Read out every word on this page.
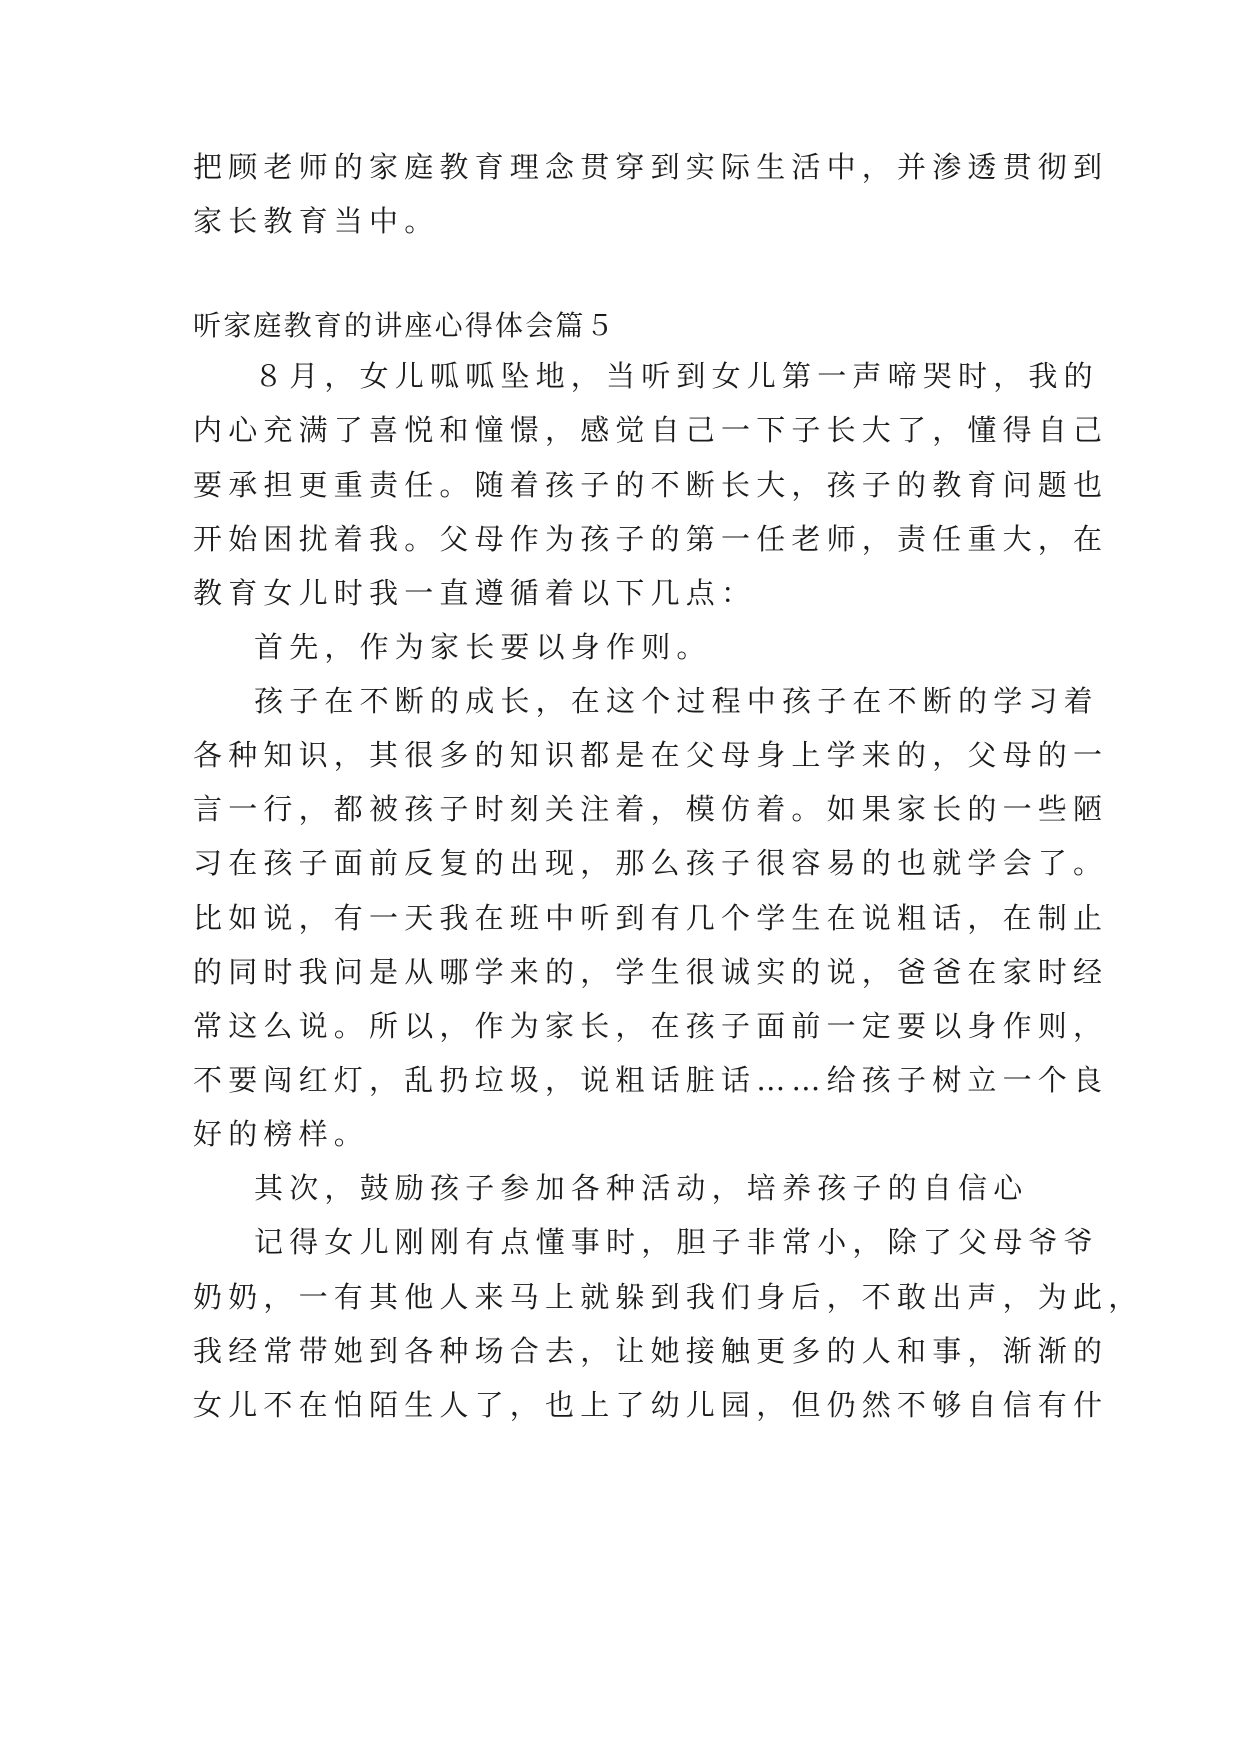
把顾老师的家庭教育理念贯穿到实际生活中，并渗透贯彻到
家长教育当中。
听家庭教育的讲座心得体会篇５
８月，女儿呱呱坠地，当听到女儿第一声啼哭时，我的
内心充满了喜悦和憧憬，感觉自己一下子长大了，懂得自己
要承担更重责任。随着孩子的不断长大，孩子的教育问题也
开始困扰着我。父母作为孩子的第一任老师，责任重大，在
教育女儿时我一直遵循着以下几点：
首先，作为家长要以身作则。
孩子在不断的成长，在这个过程中孩子在不断的学习着
各种知识，其很多的知识都是在父母身上学来的，父母的一
言一行，都被孩子时刻关注着，模仿着。如果家长的一些陋
习在孩子面前反复的出现，那么孩子很容易的也就学会了。
比如说，有一天我在班中听到有几个学生在说粗话，在制止
的同时我问是从哪学来的，学生很诚实的说，爸爸在家时经
常这么说。所以，作为家长，在孩子面前一定要以身作则，
不要闯红灯，乱扔垃圾，说粗话脏话……给孩子树立一个良
好的榜样。
其次，鼓励孩子参加各种活动，培养孩子的自信心
记得女儿刚刚有点懂事时，胆子非常小，除了父母爷爷
奶奶，一有其他人来马上就躲到我们身后，不敢出声，为此，
我经常带她到各种场合去，让她接触更多的人和事，渐渐的
女儿不在怕陌生人了，也上了幼儿园，但仍然不够自信有什
